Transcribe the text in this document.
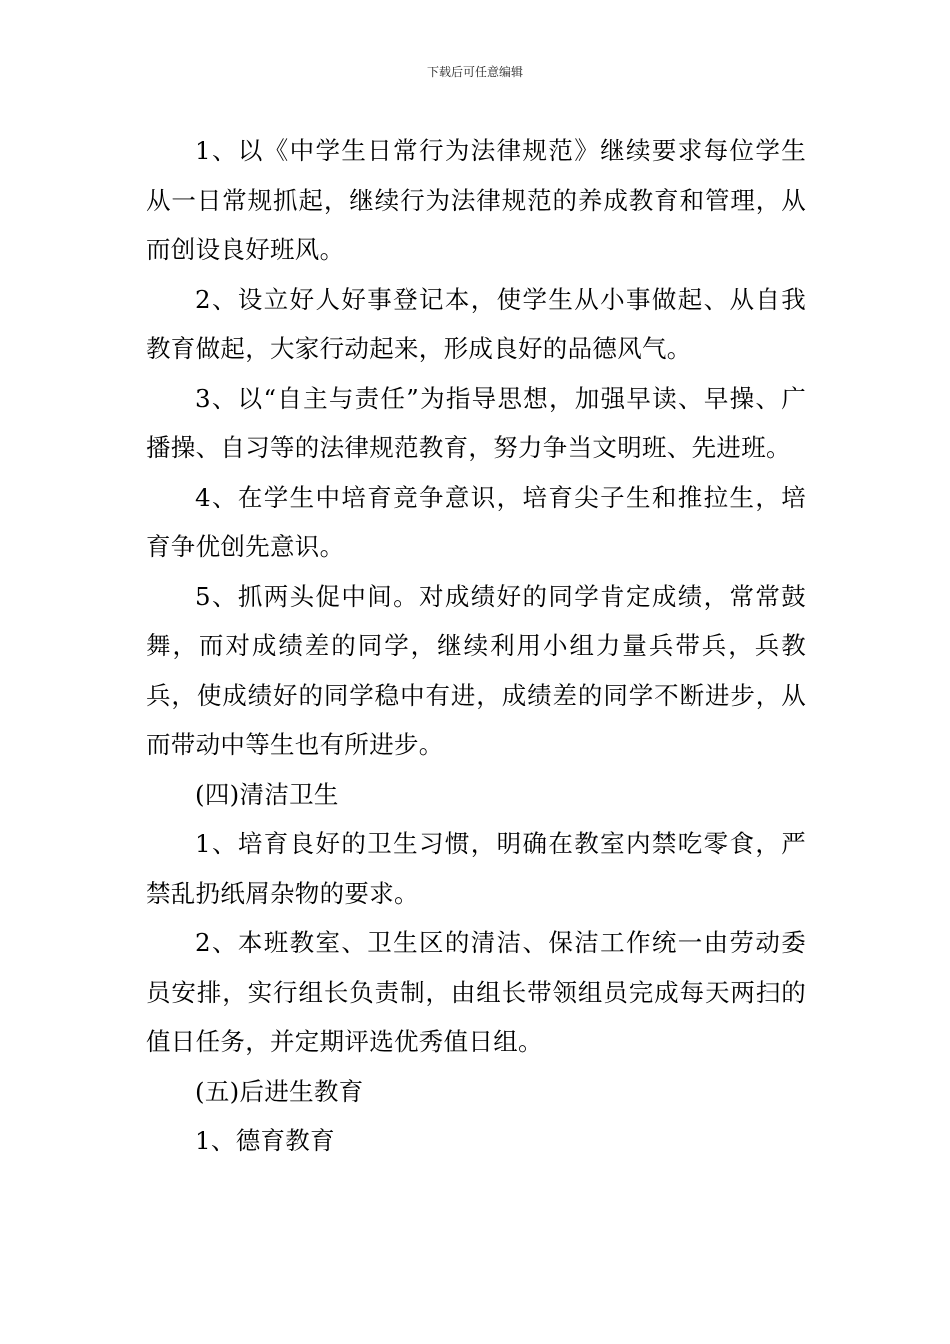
下载后可任意编辑

1、以《中学生日常行为法律规范》继续要求每位学生从一日常规抓起，继续行为法律规范的养成教育和管理，从而创设良好班风。

2、设立好人好事登记本，使学生从小事做起、从自我教育做起，大家行动起来，形成良好的品德风气。

3、以“自主与责任”为指导思想，加强早读、早操、广播操、自习等的法律规范教育，努力争当文明班、先进班。

4、在学生中培育竞争意识，培育尖子生和推拉生，培育争优创先意识。

5、抓两头促中间。对成绩好的同学肯定成绩，常常鼓舞，而对成绩差的同学，继续利用小组力量兵带兵，兵教兵，使成绩好的同学稳中有进，成绩差的同学不断进步，从而带动中等生也有所进步。

(四)清洁卫生

1、培育良好的卫生习惯，明确在教室内禁吃零食，严禁乱扔纸屑杂物的要求。

2、本班教室、卫生区的清洁、保洁工作统一由劳动委员安排，实行组长负责制，由组长带领组员完成每天两扫的值日任务，并定期评选优秀值日组。

(五)后进生教育

1、德育教育
